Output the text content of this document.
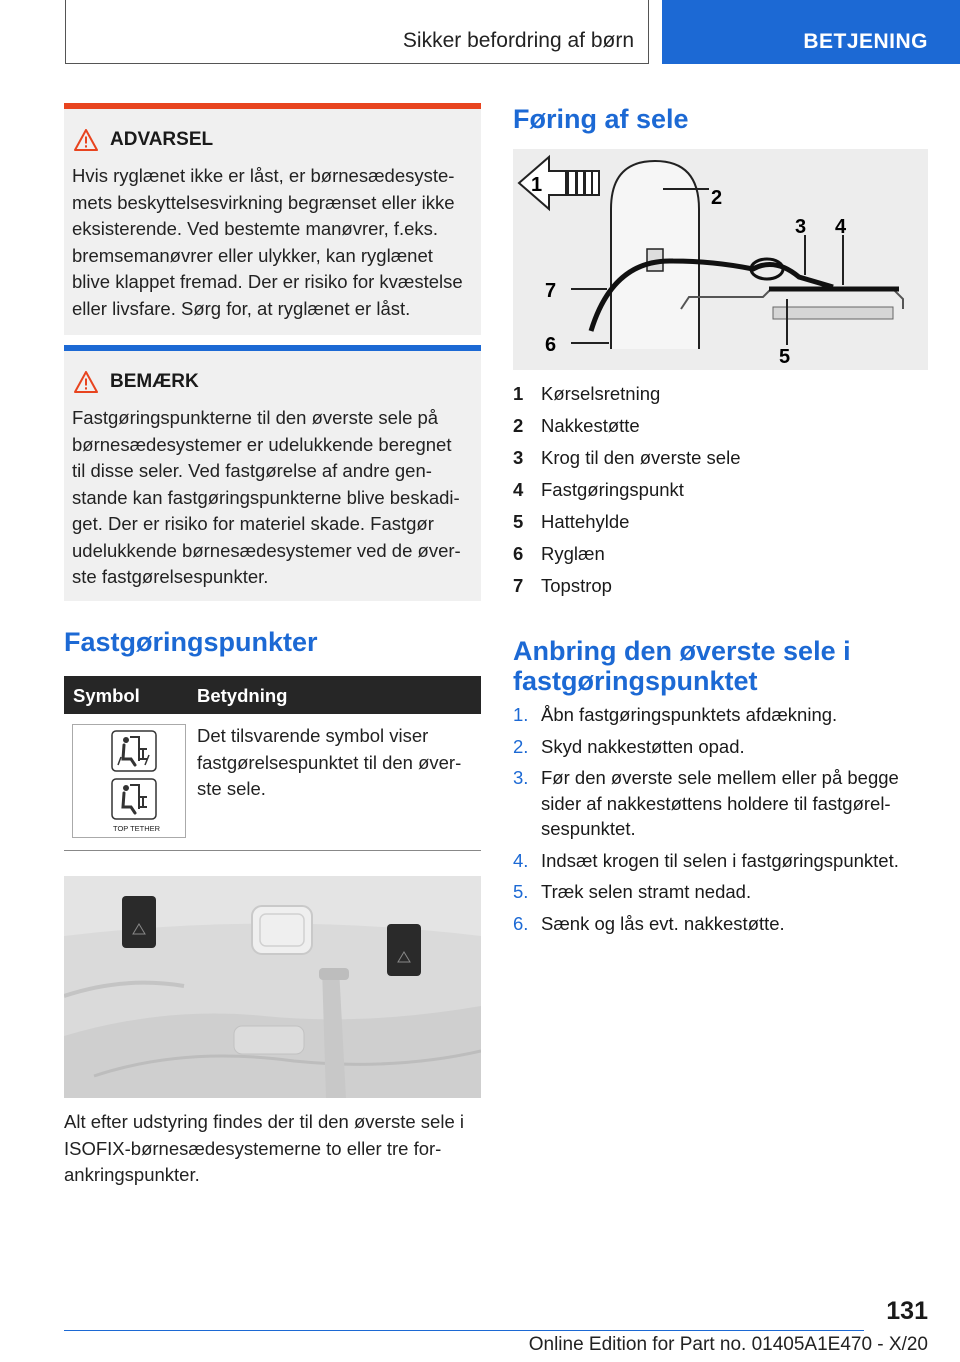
Sikker befordring af børn	BETJENING
ADVARSEL
Hvis ryglænet ikke er låst, er børnesædesyste-
mets beskyttelsesvirkning begrænset eller ikke
eksisterende. Ved bestemte manøvrer, f.eks.
bremsemanøvrer eller ulykker, kan ryglænet
blive klappet fremad. Der er risiko for kvæstelse
eller livsfare. Sørg for, at ryglænet er låst.
BEMÆRK
Fastgøringspunkterne til den øverste sele på
børnesædesystemer er udelukkende beregnet
til disse seler. Ved fastgørelse af andre gen-
stande kan fastgøringspunkterne blive beskadi-
get. Der er risiko for materiel skade. Fastgør
udelukkende børnesædesystemer ved de øver-
ste fastgørelsespunkter.
Fastgøringspunkter
Symbol	Betydning
TOP TETHER
Det tilsvarende symbol viser
fastgørelsespunktet til den øver-
ste sele.
Alt efter udstyring findes der til den øverste sele i
ISOFIX-børnesædesystemerne to eller tre for-
ankringspunkter.
Føring af sele
1
2
3 4
5
6
7
1 Kørselsretning
2 Nakkestøtte
3 Krog til den øverste sele
4 Fastgøringspunkt
5 Hattehylde
6 Ryglæn
7 Topstrop
Anbring den øverste sele i
fastgøringspunktet
1. Åbn fastgøringspunktets afdækning.
2. Skyd nakkestøtten opad.
3. Før den øverste sele mellem eller på begge
sider af nakkestøttens holdere til fastgørel-
sespunktet.
4. Indsæt krogen til selen i fastgøringspunktet.
5. Træk selen stramt nedad.
6. Sænk og lås evt. nakkestøtte.
131
Online Edition for Part no. 01405A1E470 - X/20
